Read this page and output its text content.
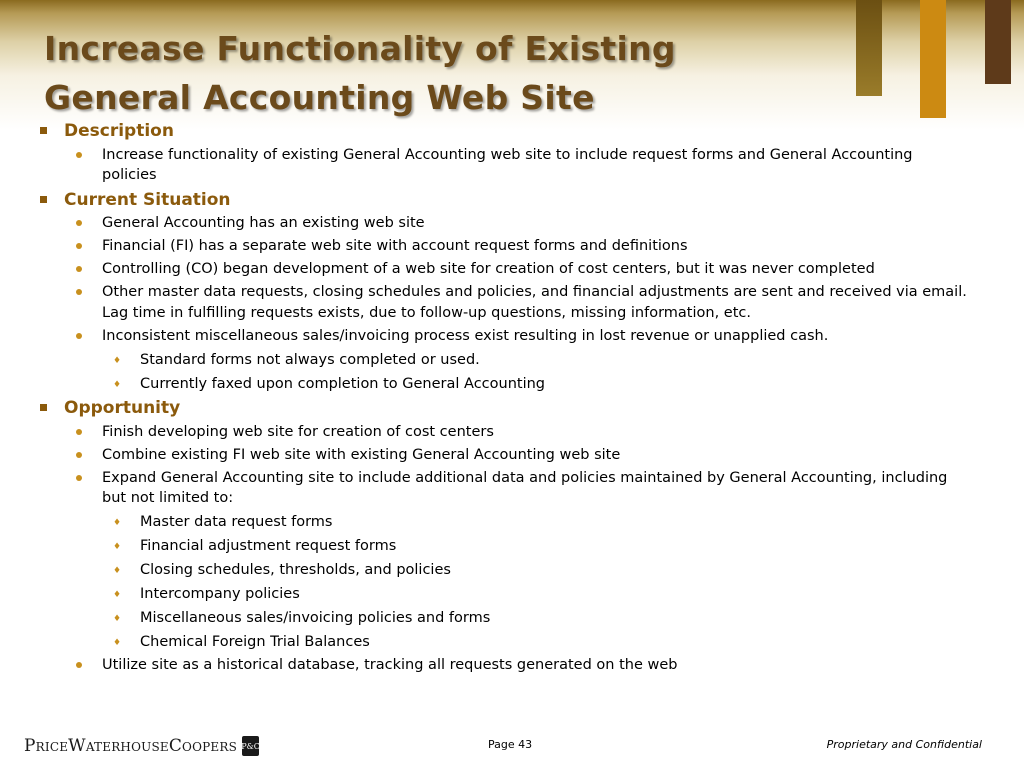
Increase Functionality of Existing
General Accounting Web Site
Description
Increase functionality of existing General Accounting web site to include request forms and General Accounting policies
Current Situation
General Accounting has an existing web site
Financial (FI) has a separate web site with account request forms and definitions
Controlling (CO) began development of a web site for creation of cost centers, but it was never completed
Other master data requests, closing schedules and policies, and financial adjustments are sent and received via email. Lag time in fulfilling requests exists, due to follow-up questions, missing information, etc.
Inconsistent miscellaneous sales/invoicing process exist resulting in lost revenue or unapplied cash.
♦ Standard forms not always completed or used.
♦ Currently faxed upon completion to General Accounting
Opportunity
Finish developing web site for creation of cost centers
Combine existing FI web site with existing General Accounting web site
Expand General Accounting site to include additional data and policies maintained by General Accounting, including but not limited to:
♦ Master data request forms
♦ Financial adjustment request forms
♦ Closing schedules, thresholds, and policies
♦ Intercompany policies
♦ Miscellaneous sales/invoicing policies and forms
♦ Chemical Foreign Trial Balances
Utilize site as a historical database, tracking all requests generated on the web
PriceWaterhouseCoopers P&C	Page 43	Proprietary and Confidential
